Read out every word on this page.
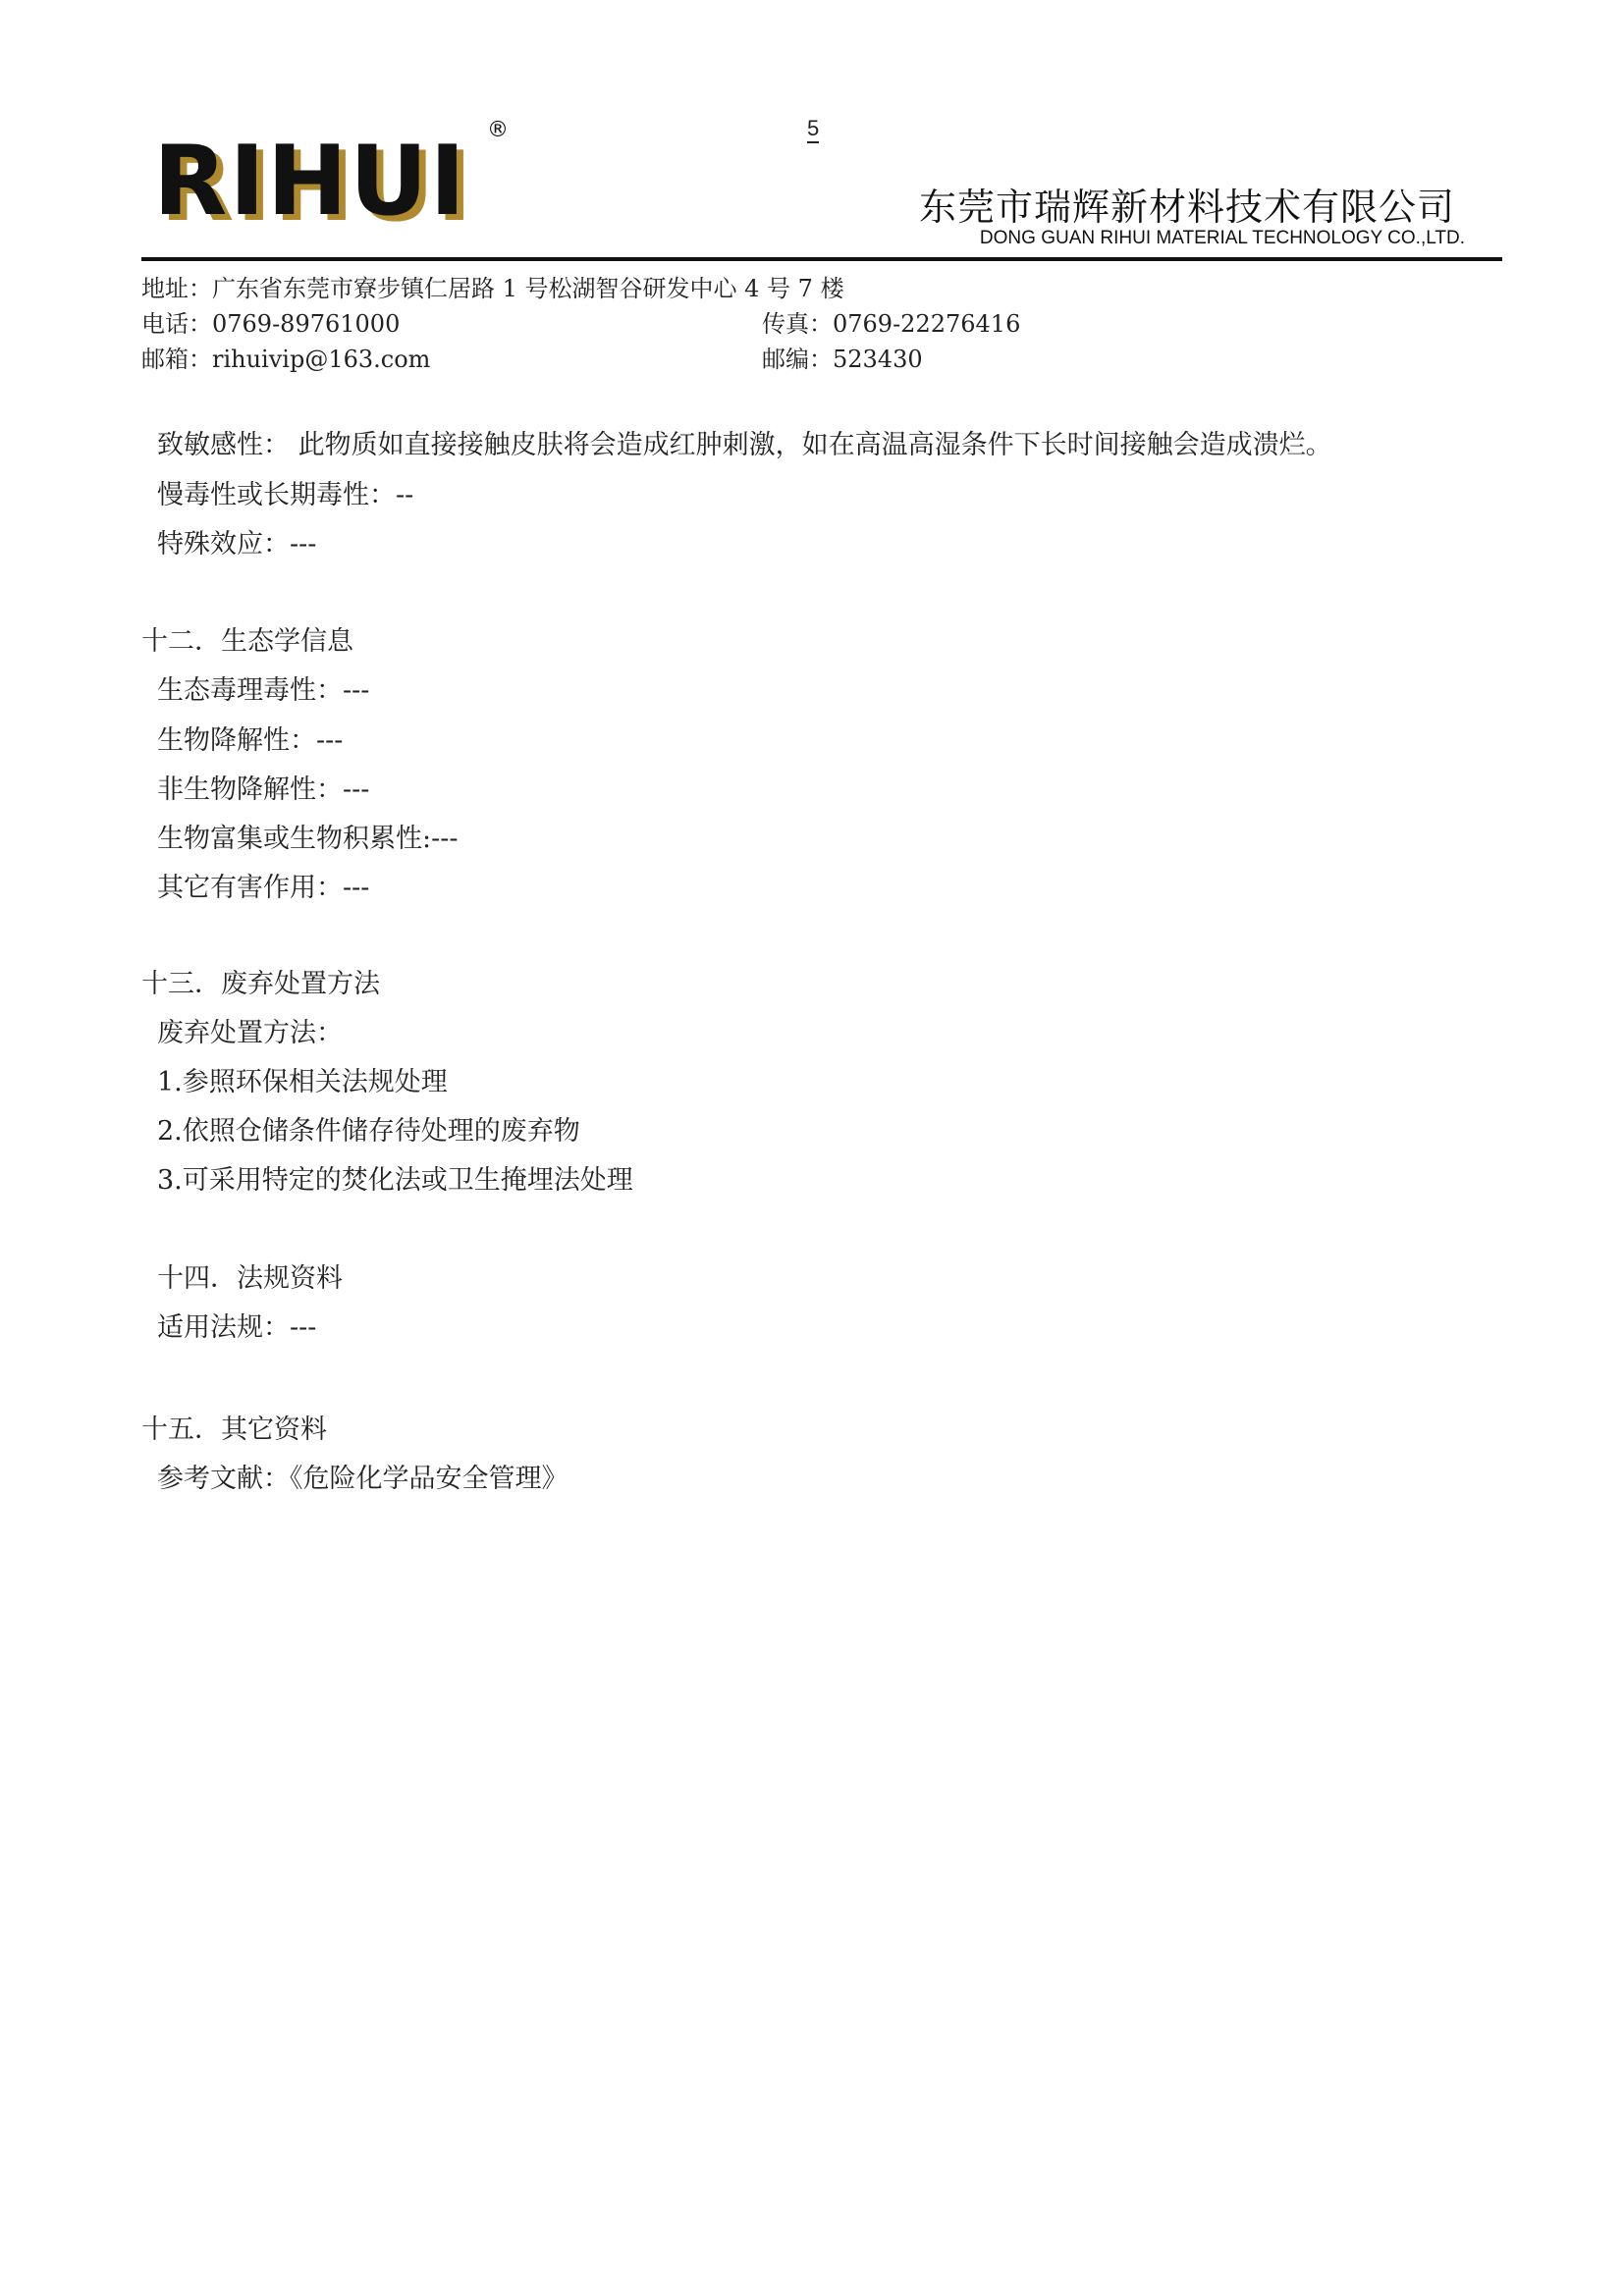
RIHUI ®	5
东莞市瑞辉新材料技术有限公司
DONG GUAN RIHUI MATERIAL TECHNOLOGY CO.,LTD.
地址：广东省东莞市寮步镇仁居路 1 号松湖智谷研发中心 4 号 7 楼
电话：0769-89761000	传真：0769-22276416
邮箱：rihuivip@163.com	邮编：523430
致敏感性： 此物质如直接接触皮肤将会造成红肿刺激，如在高温高湿条件下长时间接触会造成溃烂。
慢毒性或长期毒性：--
特殊效应：---
十二．生态学信息
生态毒理毒性：---
生物降解性：---
非生物降解性：---
生物富集或生物积累性:---
其它有害作用：---
十三．废弃处置方法
废弃处置方法：
1.参照环保相关法规处理
2.依照仓储条件储存待处理的废弃物
3.可采用特定的焚化法或卫生掩埋法处理
十四．法规资料
适用法规：---
十五．其它资料
参考文献：《危险化学品安全管理》
